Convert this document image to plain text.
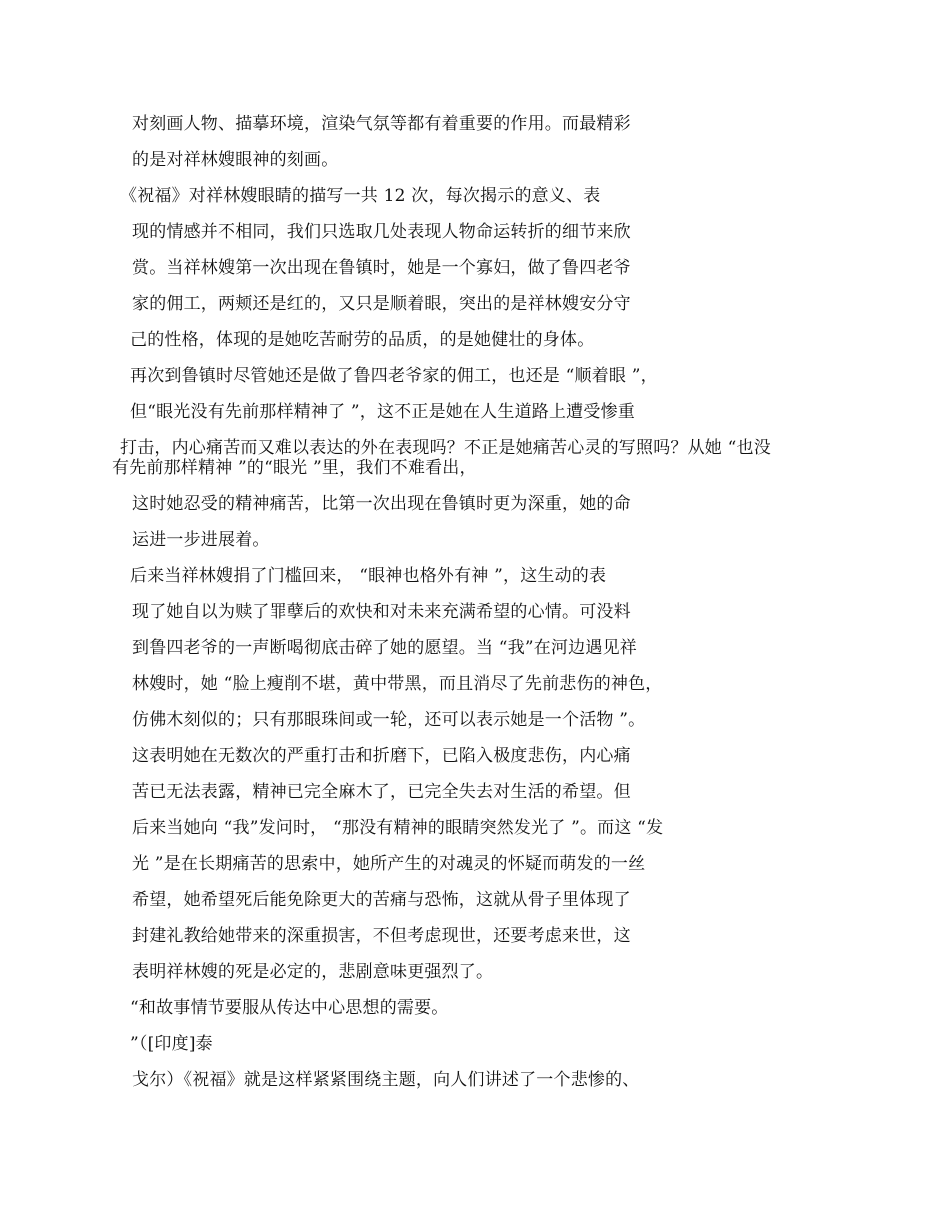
对刻画人物、描摹环境，渲染气氛等都有着重要的作用。而最精彩
的是对祥林嫂眼神的刻画。
《祝福》对祥林嫂眼睛的描写一共 12 次，每次揭示的意义、表
现的情感并不相同，我们只选取几处表现人物命运转折的细节来欣
赏。当祥林嫂第一次出现在鲁镇时，她是一个寡妇，做了鲁四老爷
家的佣工，两颊还是红的，又只是顺着眼，突出的是祥林嫂安分守
己的性格，体现的是她吃苦耐劳的品质，的是她健壮的身体。
再次到鲁镇时尽管她还是做了鲁四老爷家的佣工，也还是 “顺着眼 ”，
但“眼光没有先前那样精神了 ”，这不正是她在人生道路上遭受惨重
打击，内心痛苦而又难以表达的外在表现吗？不正是她痛苦心灵的写照吗？从她 “也没
有先前那样精神 ”的“眼光 ”里，我们不难看出，
这时她忍受的精神痛苦，比第一次出现在鲁镇时更为深重，她的命
运进一步进展着。
后来当祥林嫂捐了门槛回来， “眼神也格外有神 ”，这生动的表
现了她自以为赎了罪孽后的欢快和对未来充满希望的心情。可没料
到鲁四老爷的一声断喝彻底击碎了她的愿望。当 “我”在河边遇见祥
林嫂时，她 “脸上瘦削不堪，黄中带黑，而且消尽了先前悲伤的神色，
仿佛木刻似的；只有那眼珠间或一轮，还可以表示她是一个活物 ”。
这表明她在无数次的严重打击和折磨下，已陷入极度悲伤，内心痛
苦已无法表露，精神已完全麻木了，已完全失去对生活的希望。但
后来当她向 “我”发问时， “那没有精神的眼睛突然发光了 ”。而这 “发
光 ”是在长期痛苦的思索中，她所产生的对魂灵的怀疑而萌发的一丝
希望，她希望死后能免除更大的苦痛与恐怖，这就从骨子里体现了
封建礼教给她带来的深重损害，不但考虑现世，还要考虑来世，这
表明祥林嫂的死是必定的，悲剧意味更强烈了。
“和故事情节要服从传达中心思想的需要。
”（[印度]泰
戈尔）《祝福》就是这样紧紧围绕主题，向人们讲述了一个悲惨的、
